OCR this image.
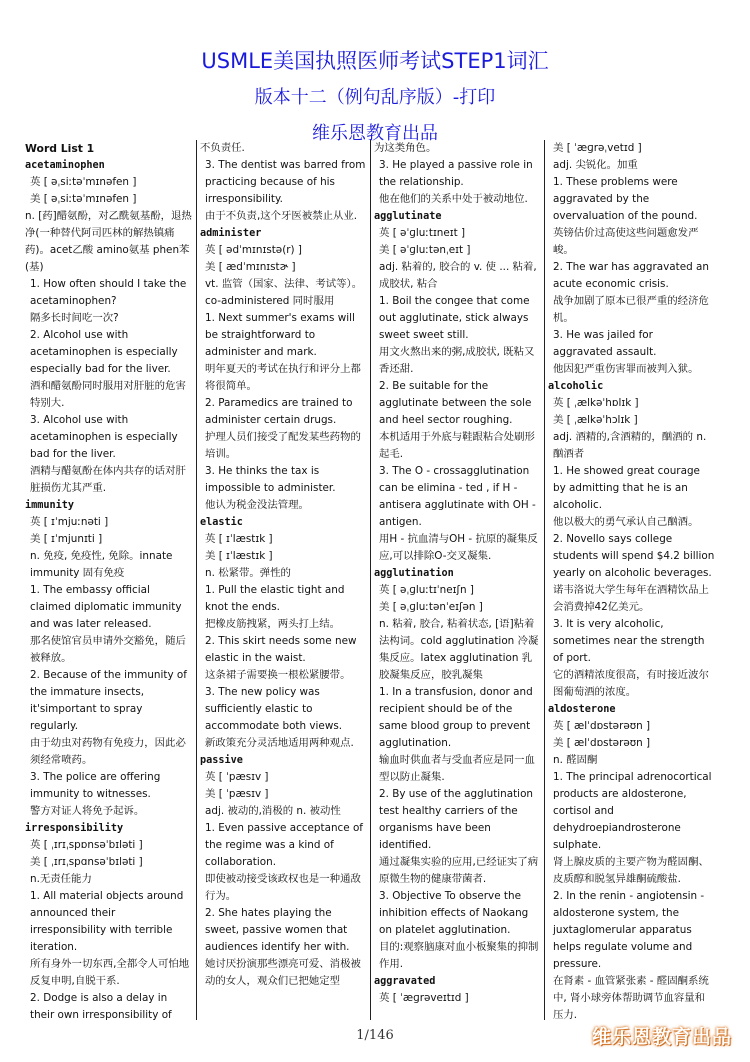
USMLE美国执照医师考试STEP1词汇
版本十二（例句乱序版）-打印
维乐恩教育出品
Word List 1
acetaminophen
英 [ əˌsiːtəˈmɪnəfen ]
美 [ əˌsiːtəˈmɪnəfen ]
n. [药]醋氨酚，对乙酰氨基酚，退热净(一种替代阿司匹林的解热镇痛药)。acet乙酸 amino氨基 phen苯(基)
1. How often should I take the acetaminophen?
隔多长时间吃一次?
2. Alcohol use with acetaminophen is especially especially bad for the liver.
酒和醋氨酚同时服用对肝脏的危害特别大.
3. Alcohol use with acetaminophen is especially bad for the liver.
酒精与醋氨酚在体内共存的话对肝脏损伤尤其严重.
immunity
英 [ ɪˈmjuːnəti ]
美 [ ɪˈmjunɪti ]
n. 免疫, 免疫性, 免除。innate immunity 固有免疫
1. The embassy official claimed diplomatic immunity and was later released.
那名使馆官员申请外交豁免，随后被释放。
2. Because of the immunity of the immature insects, it'simportant to spray regularly.
由于幼虫对药物有免疫力，因此必须经常喷药。
3. The police are offering immunity to witnesses.
警方对证人将免予起诉。
irresponsibility
英 [ ˌɪrɪˌspɒnsəˈbɪləti ]
美 [ ˌɪrɪˌspɑnsəˈbɪləti ]
n.无责任能力
1. All material objects around announced their irresponsibility with terrible iteration.
所有身外一切东西,全都令人可怕地反复申明,自脱干系.
2. Dodge is also a delay in their own irresponsibility of
不负责任.
3. The dentist was barred from practicing because of his irresponsibility.
由于不负责,这个牙医被禁止从业.
administer
英 [ ədˈmɪnɪstə(r) ]
美 [ ædˈmɪnɪstɚ ]
vt. 监管（国家、法律、考试等）。co-administered 同时服用
1. Next summer's exams will be straightforward to administer and mark.
明年夏天的考试在执行和评分上都将很简单。
2. Paramedics are trained to administer certain drugs.
护理人员们接受了配发某些药物的培训。
3. He thinks the tax is impossible to administer.
他认为税金没法管理。
elastic
英 [ ɪˈlæstɪk ]
美 [ ɪˈlæstɪk ]
n. 松紧带。弹性的
1. Pull the elastic tight and knot the ends.
把橡皮筋拽紧，两头打上结。
2. This skirt needs some new elastic in the waist.
这条裙子需要换一根松紧腰带。
3. The new policy was sufficiently elastic to accommodate both views.
新政策充分灵活地适用两种观点.
passive
英 [ ˈpæsɪv ]
美 [ ˈpæsɪv ]
adj. 被动的,消极的 n. 被动性
1. Even passive acceptance of the regime was a kind of collaboration.
即使被动接受该政权也是一种通敌行为。
2. She hates playing the sweet, passive women that audiences identify her with.
她讨厌扮演那些漂亮可爱、消极被动的女人，观众们已把她定型
为这类角色。
3. He played a passive role in the relationship.
他在他们的关系中处于被动地位.
agglutinate
英 [ əˈɡluːtɪneɪt ]
美 [ əˈɡluːtənˌeɪt ]
adj. 粘着的, 胶合的 v. 使 ... 粘着, 成胶状, 粘合
1. Boil the congee that come out agglutinate, stick always sweet sweet still.
用文火熬出来的粥,成胶状, 既粘又香还甜.
2. Be suitable for the agglutinate between the sole and heel sector roughing.
本机适用于外底与鞋跟粘合处刷形起毛.
3. The O - crossagglutination can be elimina - ted , if H - antisera agglutinate with OH - antigen.
用H - 抗血清与OH - 抗原的凝集反应,可以排除O-交叉凝集.
agglutination
英 [ əˌɡluːtɪˈneɪʃn ]
美 [ əˌɡluːtənˈeɪʃən ]
n. 粘着, 胶合, 粘着状态, [语]粘着法构词。cold agglutination 冷凝集反应。latex agglutination 乳胶凝集反应，胶乳凝集
1. In a transfusion, donor and recipient should be of the same blood group to prevent agglutination.
输血时供血者与受血者应是同一血型以防止凝集.
2. By use of the agglutination test healthy carriers of the organisms have been identified.
通过凝集实验的应用,已经证实了病原微生物的健康带菌者.
3. Objective To observe the inhibition effects of Naokang on platelet agglutination.
目的:观察脑康对血小板聚集的抑制作用.
aggravated
英 [ ˈæɡrəveɪtɪd ]
美 [ ˈæɡrəˌvetɪd ]
adj. 尖锐化。加重
1. These problems were aggravated by the overvaluation of the pound.
英镑估价过高使这些问题愈发严峻。
2. The war has aggravated an acute economic crisis.
战争加剧了原本已很严重的经济危机。
3. He was jailed for aggravated assault.
他因犯严重伤害罪而被判入狱。
alcoholic
英 [ ˌælkəˈhɒlɪk ]
美 [ ˌælkəˈhɔlɪk ]
adj. 酒精的,含酒精的，酗酒的 n. 酗酒者
1. He showed great courage by admitting that he is an alcoholic.
他以极大的勇气承认自己酗酒。
2. Novello says college students will spend $4.2 billion yearly on alcoholic beverages.
诺韦洛说大学生每年在酒精饮品上会消费掉42亿美元。
3. It is very alcoholic, sometimes near the strength of port.
它的酒精浓度很高，有时接近波尔图葡萄酒的浓度。
aldosterone
英 [ ælˈdɒstərəʊn ]
美 [ ælˈdɒstərəʊn ]
n. 醛固酮
1. The principal adrenocortical products are aldosterone, cortisol and dehydroepiandrosterone sulphate.
肾上腺皮质的主要产物为醛固酮、皮质醇和脱氢异雄酮硫酸盐.
2. In the renin - angiotensin - aldosterone system, the juxtaglomerular apparatus helps regulate volume and pressure.
在肾素 - 血管紧张素 - 醛固酮系统中, 肾小球旁体帮助调节血容量和压力.
1/146	维乐恩教育出品
